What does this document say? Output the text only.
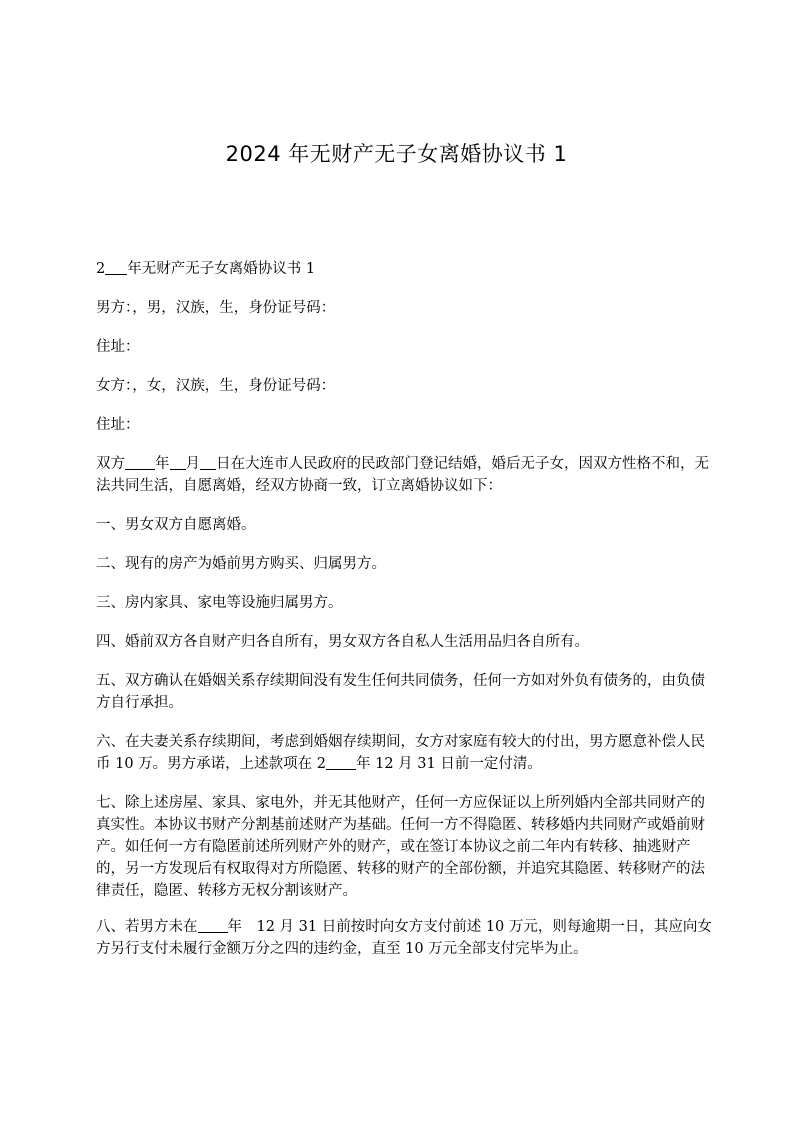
2024 年无财产无子女离婚协议书 1

2 年无财产无子女离婚协议书 1

男方：，男，汉族，生，身份证号码：

住址：

女方：，女，汉族，生，身份证号码：

住址：

双方 年 月 日在大连市人民政府的民政部门登记结婚，婚后无子女，因双方性格不和，无法共同生活，自愿离婚，经双方协商一致，订立离婚协议如下：

一、男女双方自愿离婚。

二、现有的房产为婚前男方购买、归属男方。

三、房内家具、家电等设施归属男方。

四、婚前双方各自财产归各自所有，男女双方各自私人生活用品归各自所有。

五、双方确认在婚姻关系存续期间没有发生任何共同债务，任何一方如对外负有债务的，由负债方自行承担。

六、在夫妻关系存续期间，考虑到婚姻存续期间，女方对家庭有较大的付出，男方愿意补偿人民币 10 万。男方承诺，上述款项在 2 年 12 月 31 日前一定付清。

七、除上述房屋、家具、家电外，并无其他财产，任何一方应保证以上所列婚内全部共同财产的真实性。本协议书财产分割基前述财产为基础。任何一方不得隐匿、转移婚内共同财产或婚前财产。如任何一方有隐匿前述所列财产外的财产，或在签订本协议之前二年内有转移、抽逃财产的，另一方发现后有权取得对方所隐匿、转移的财产的全部份额，并追究其隐匿、转移财产的法律责任，隐匿、转移方无权分割该财产。

八、若男方未在 年　12 月 31 日前按时向女方支付前述 10 万元，则每逾期一日，其应向女方另行支付未履行金额万分之四的违约金，直至 10 万元全部支付完毕为止。
